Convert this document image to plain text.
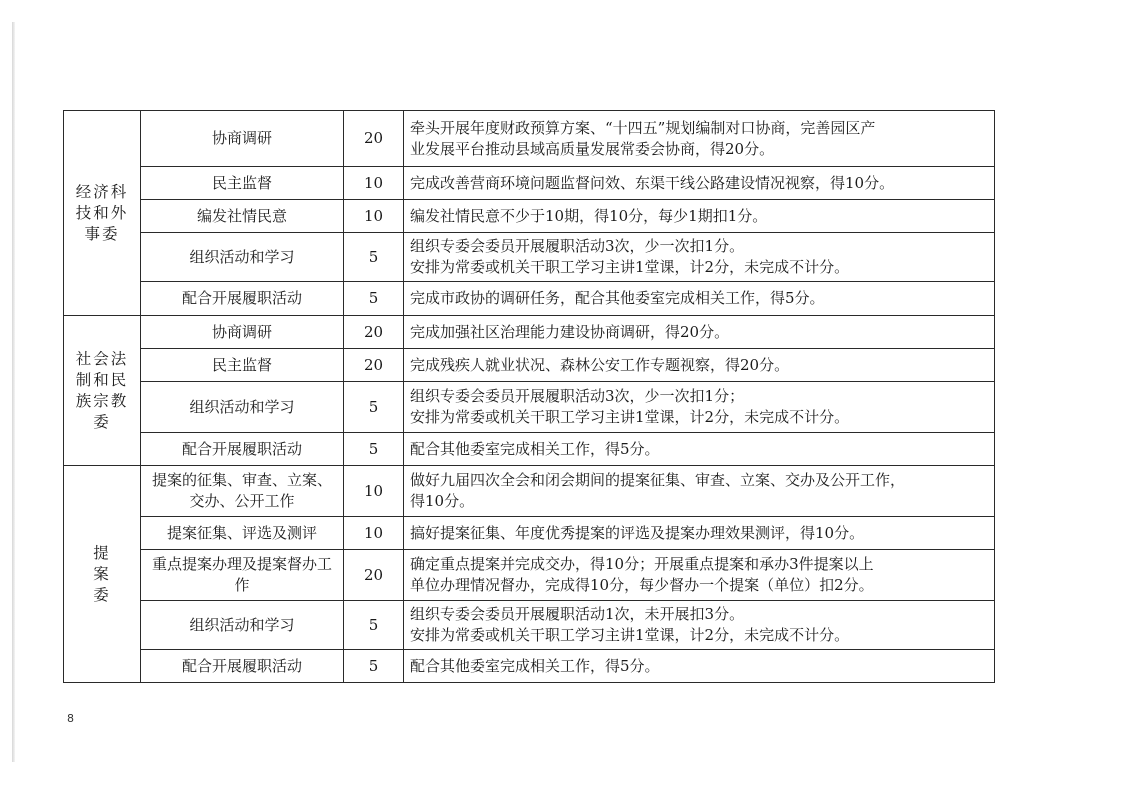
经济科技和外事委	协商调研	20	牵头开展年度财政预算方案、“十四五”规划编制对口协商，完善园区产
业发展平台推动县域高质量发展常委会协商，得20分。

	民主监督	10	完成改善营商环境问题监督问效、东渠干线公路建设情况视察，得10分。

	编发社情民意	10	编发社情民意不少于10期，得10分，每少1期扣1分。

	组织活动和学习	5	组织专委会委员开展履职活动3次，少一次扣1分。
安排为常委或机关干职工学习主讲1堂课，计2分，未完成不计分。

	配合开展履职活动	5	完成市政协的调研任务，配合其他委室完成相关工作，得5分。

社会法制和民族宗教委	协商调研	20	完成加强社区治理能力建设协商调研，得20分。

	民主监督	20	完成残疾人就业状况、森林公安工作专题视察，得20分。

	组织活动和学习	5	组织专委会委员开展履职活动3次，少一次扣1分；
安排为常委或机关干职工学习主讲1堂课，计2分，未完成不计分。

	配合开展履职活动	5	配合其他委室完成相关工作，得5分。

提案委	提案的征集、审查、立案、交办、公开工作	10	做好九届四次全会和闭会期间的提案征集、审查、立案、交办及公开工作，
得10分。

	提案征集、评选及测评	10	搞好提案征集、年度优秀提案的评选及提案办理效果测评，得10分。

	重点提案办理及提案督办工作	20	确定重点提案并完成交办，得10分；开展重点提案和承办3件提案以上
单位办理情况督办，完成得10分，每少督办一个提案（单位）扣2分。

	组织活动和学习	5	组织专委会委员开展履职活动1次，未开展扣3分。
安排为常委或机关干职工学习主讲1堂课，计2分，未完成不计分。

	配合开展履职活动	5	配合其他委室完成相关工作，得5分。
8
